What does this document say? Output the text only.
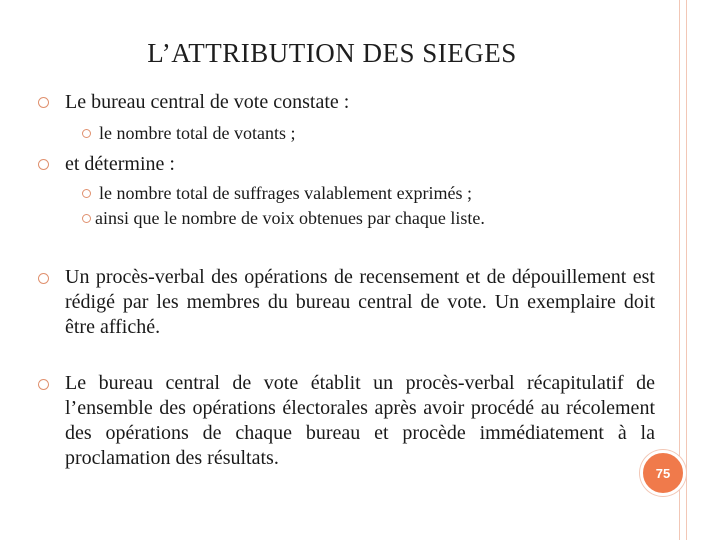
L’ATTRIBUTION DES SIEGES
Le bureau central de vote constate :
le nombre total de votants ;
et détermine :
le nombre total de suffrages valablement exprimés ;
ainsi que le nombre de voix obtenues par chaque liste.
Un procès-verbal des opérations de recensement et de dépouillement est rédigé par les membres du bureau central de vote. Un exemplaire doit être affiché.
Le bureau central de vote établit un procès-verbal récapitulatif de l’ensemble des opérations électorales après avoir procédé au récolement des opérations de chaque bureau et procède immédiatement à la proclamation des résultats.
75
